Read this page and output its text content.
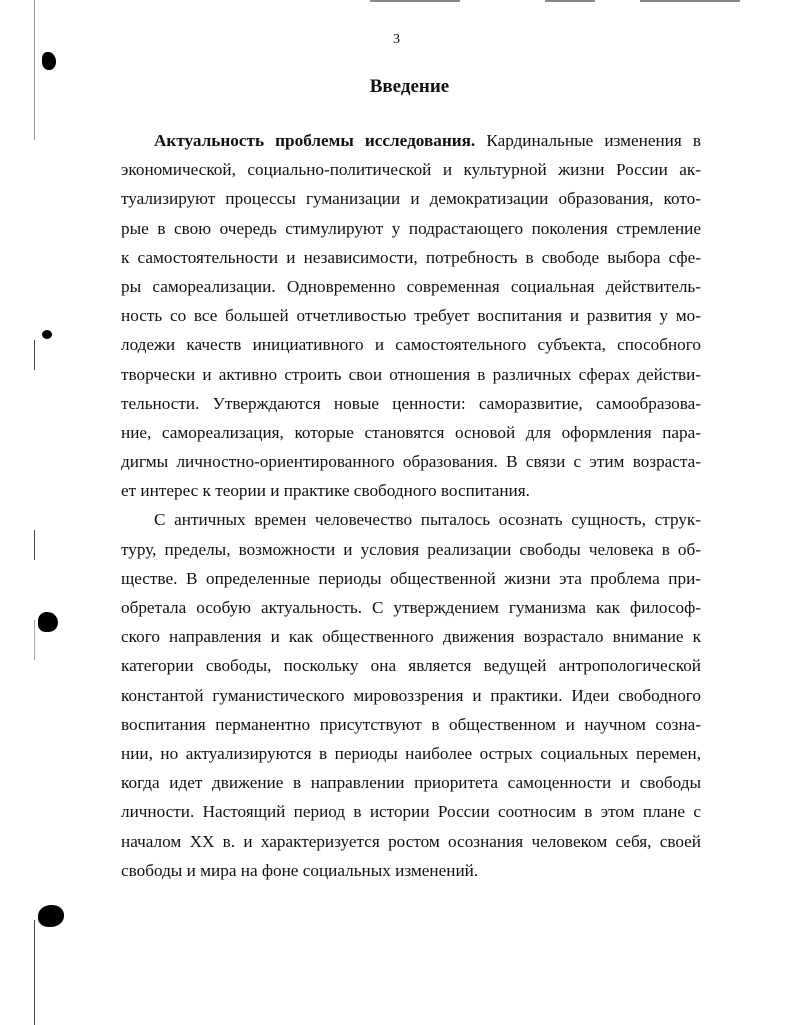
3
Введение
Актуальность проблемы исследования. Кардинальные изменения в
экономической, социально-политической и культурной жизни России ак-
туализируют процессы гуманизации и демократизации образования, кото-
рые в свою очередь стимулируют у подрастающего поколения стремление
к самостоятельности и независимости, потребность в свободе выбора сфе-
ры самореализации. Одновременно современная социальная действитель-
ность со все большей отчетливостью требует воспитания и развития у мо-
лодежи качеств инициативного и самостоятельного субъекта, способного
творчески и активно строить свои отношения в различных сферах действи-
тельности. Утверждаются новые ценности: саморазвитие, самообразова-
ние, самореализация, которые становятся основой для оформления пара-
дигмы личностно-ориентированного образования. В связи с этим возраста-
ет интерес к теории и практике свободного воспитания.
С античных времен человечество пыталось осознать сущность, струк-
туру, пределы, возможности и условия реализации свободы человека в об-
ществе. В определенные периоды общественной жизни эта проблема при-
обретала особую актуальность. С утверждением гуманизма как философ-
ского направления и как общественного движения возрастало внимание к
категории свободы, поскольку она является ведущей антропологической
константой гуманистического мировоззрения и практики. Идеи свободного
воспитания перманентно присутствуют в общественном и научном созна-
нии, но актуализируются в периоды наиболее острых социальных перемен,
когда идет движение в направлении приоритета самоценности и свободы
личности. Настоящий период в истории России соотносим в этом плане с
началом XX в. и характеризуется ростом осознания человеком себя, своей
свободы и мира на фоне социальных изменений.
